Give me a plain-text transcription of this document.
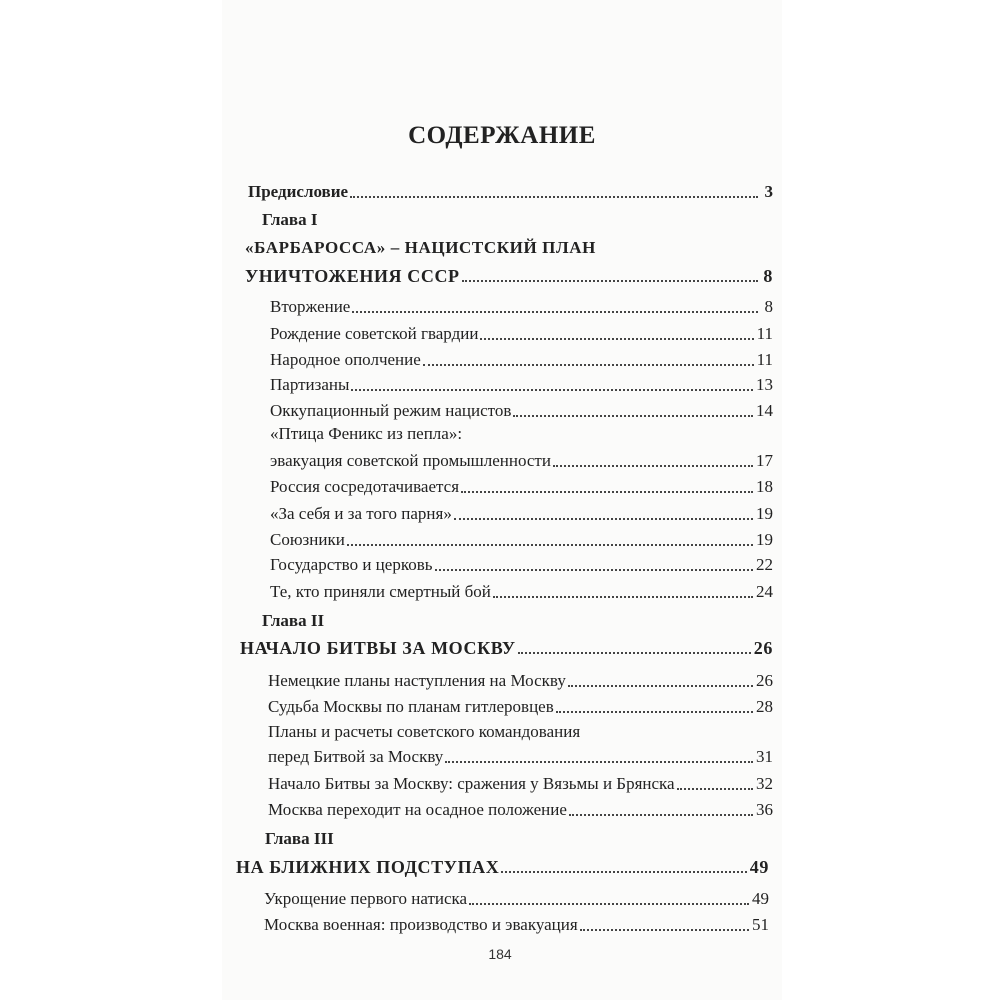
СОДЕРЖАНИЕ
Предисловие	3
Глава I
«БАРБАРОССА» – НАЦИСТСКИЙ ПЛАН
УНИЧТОЖЕНИЯ СССР	8
Вторжение	8
Рождение советской гвардии	11
Народное ополчение	11
Партизаны	13
Оккупационный режим нацистов	14
«Птица Феникс из пепла»:
эвакуация советской промышленности	17
Россия сосредотачивается	18
«За себя и за того парня»	19
Союзники	19
Государство и церковь	22
Те, кто приняли смертный бой	24
Глава II
НАЧАЛО БИТВЫ ЗА МОСКВУ	26
Немецкие планы наступления на Москву	26
Судьба Москвы по планам гитлеровцев	28
Планы и расчеты советского командования
перед Битвой за Москву	31
Начало Битвы за Москву: сражения у Вязьмы и Брянска	32
Москва переходит на осадное положение	36
Глава III
НА БЛИЖНИХ ПОДСТУПАХ	49
Укрощение первого натиска	49
Москва военная: производство и эвакуация	51
184
